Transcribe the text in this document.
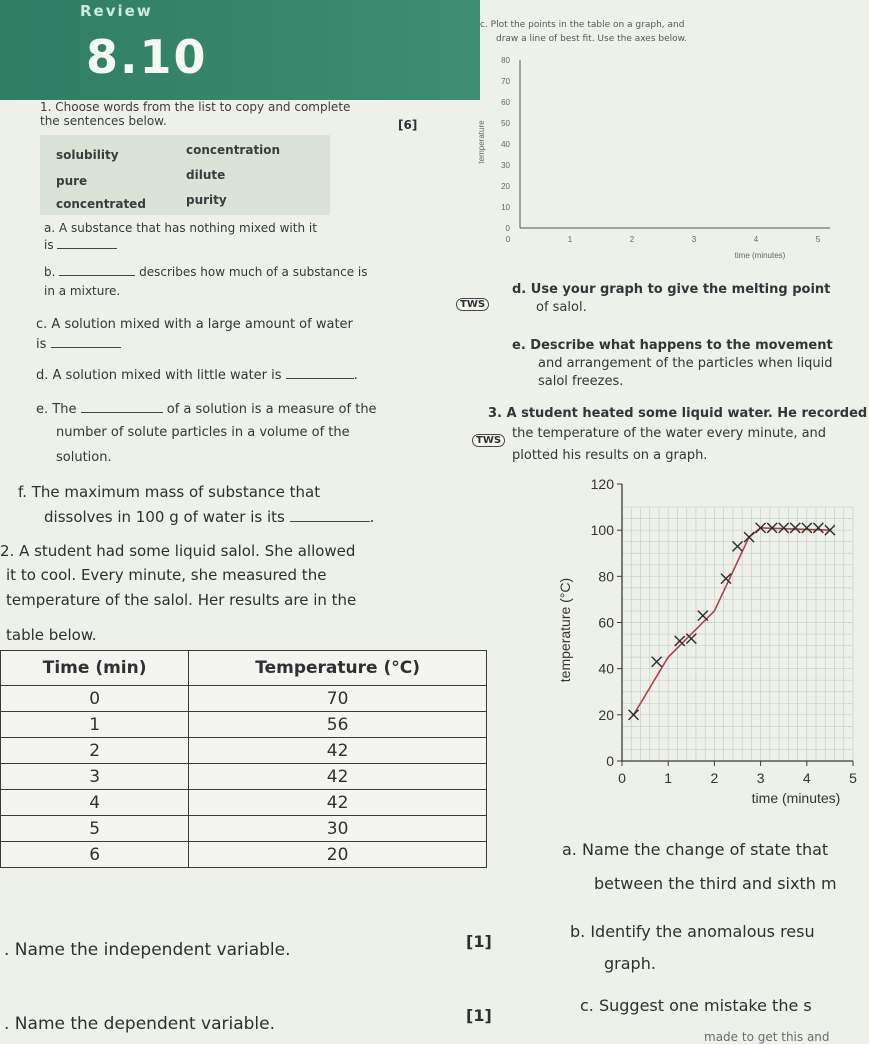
Review
8.10
1. Choose words from the list to copy and complete the sentences below.	[6]
solubility	concentration
pure	dilute
concentrated	purity
a. A substance that has nothing mixed with it
is
b.	describes how much of a substance is
in a mixture.
c. A solution mixed with a large amount of water
is
d. A solution mixed with little water is	.
e. The	of a solution is a measure of the
number of solute particles in a volume of the
solution.
f. The maximum mass of substance that
dissolves in 100 g of water is its	.
2. A student had some liquid salol. She allowed
it to cool. Every minute, she measured the
temperature of the salol. Her results are in the
table below.
Time (min)	Temperature (°C)
0	70
1	56
2	42
3	42
4	42
5	30
6	20
. Name the independent variable.	[1]
. Name the dependent variable.	[1]
c. Plot the points in the table on a graph, and
draw a line of best fit. Use the axes below.
0
10
20
30
40
50
60
70
80
0	1	2	3	4	5
temperature
time (minutes)
TWS
d. Use your graph to give the melting point
of salol.
e. Describe what happens to the movement
and arrangement of the particles when liquid
salol freezes.
3. A student heated some liquid water. He recorded
TWS the temperature of the water every minute, and
plotted his results on a graph.
0
20
40
60
80
100
120
0	1	2	3	4	5
temperature (°C)
time (minutes)
a. Name the change of state that
between the third and sixth m
b. Identify the anomalous resu
graph.
c. Suggest one mistake the s
made to get this and
